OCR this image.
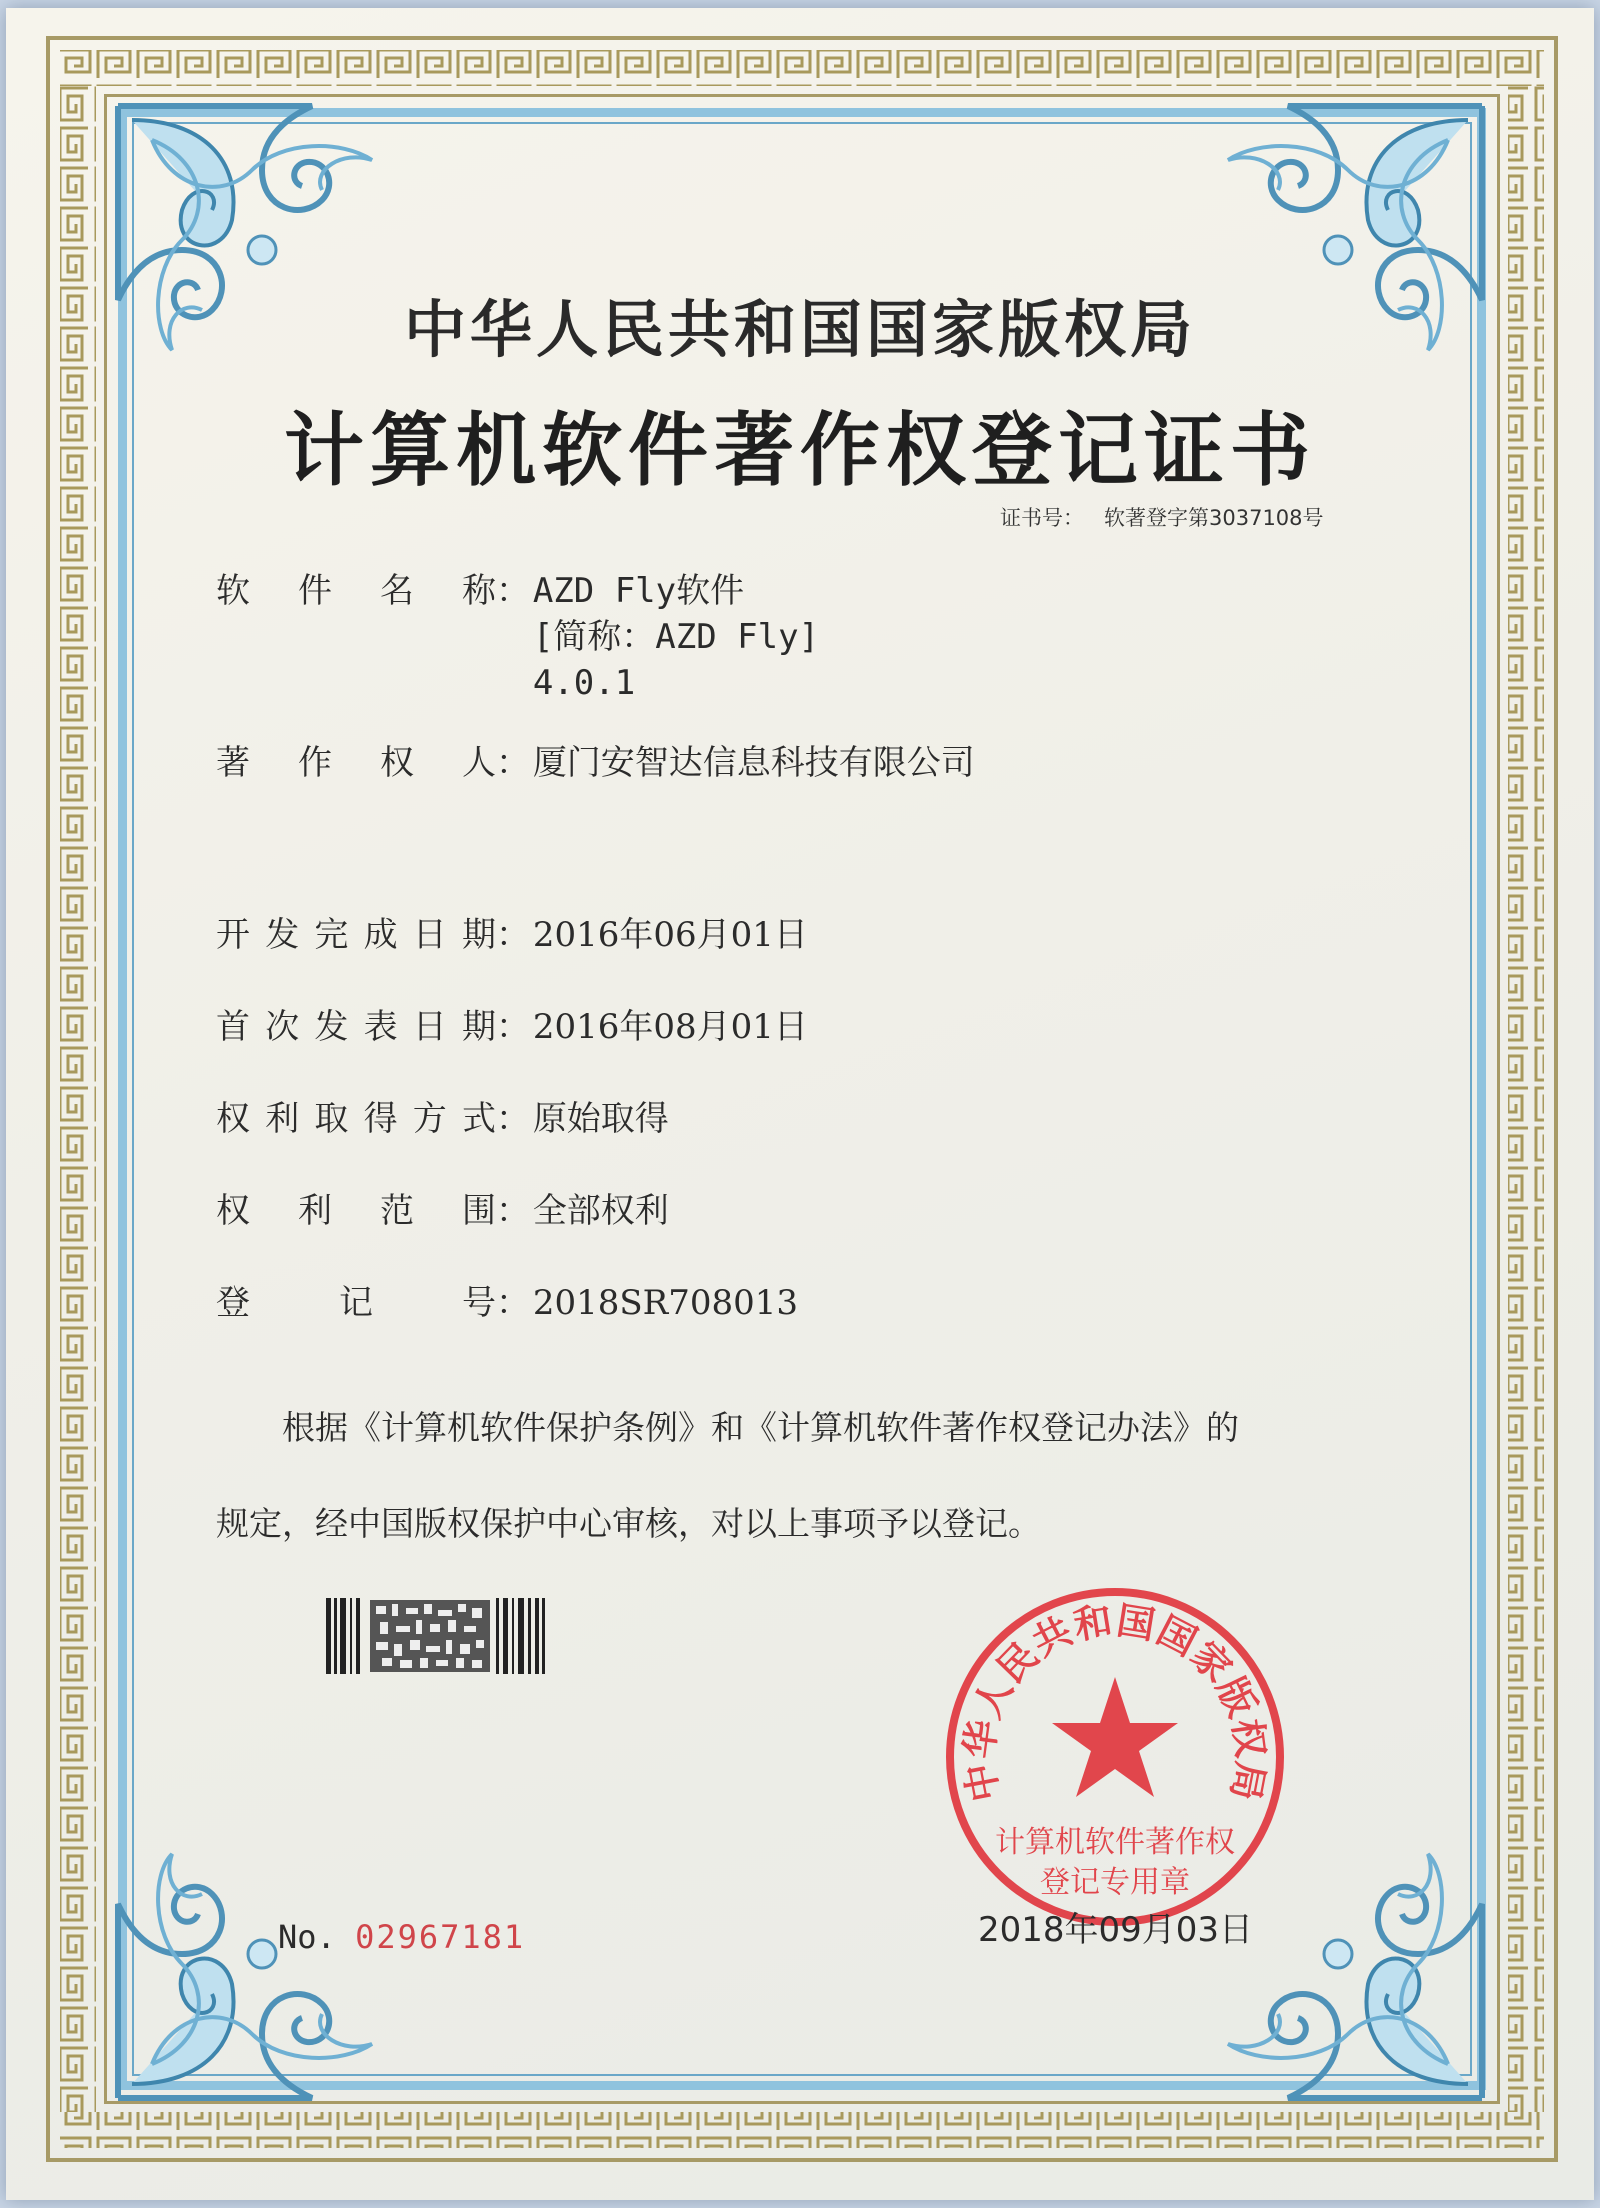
中华人民共和国国家版权局
计算机软件著作权登记证书
证书号： 软著登字第3037108号
软件名称： AZD Fly软件
[简称：AZD Fly]
4.0.1
著作权人： 厦门安智达信息科技有限公司
开发完成日期： 2016年06月01日
首次发表日期： 2016年08月01日
权利取得方式： 原始取得
权利范围： 全部权利
登记号： 2018SR708013
根据《计算机软件保护条例》和《计算机软件著作权登记办法》的
规定，经中国版权保护中心审核，对以上事项予以登记。
No. 02967181
中华人民共和国国家版权局
计算机软件著作权
登记专用章
2018年09月03日
